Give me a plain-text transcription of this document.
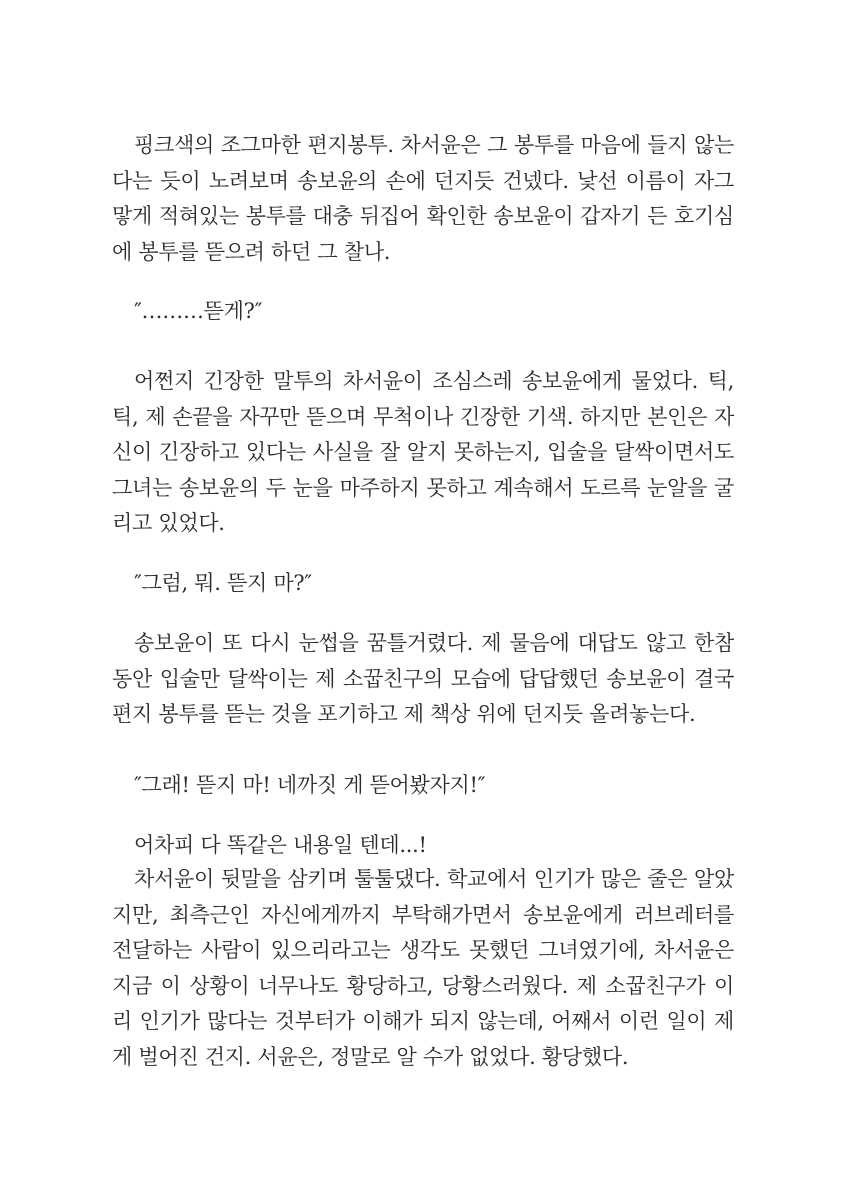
핑크색의 조그마한 편지봉투. 차서윤은 그 봉투를 마음에 들지 않는다는 듯이 노려보며 송보윤의 손에 던지듯 건넸다. 낯선 이름이 자그맣게 적혀있는 봉투를 대충 뒤집어 확인한 송보윤이 갑자기 든 호기심에 봉투를 뜯으려 하던 그 찰나.

″………뜯게?″

어쩐지 긴장한 말투의 차서윤이 조심스레 송보윤에게 물었다. 틱, 틱, 제 손끝을 자꾸만 뜯으며 무척이나 긴장한 기색. 하지만 본인은 자신이 긴장하고 있다는 사실을 잘 알지 못하는지, 입술을 달싹이면서도 그녀는 송보윤의 두 눈을 마주하지 못하고 계속해서 도르륵 눈알을 굴리고 있었다.

″그럼, 뭐. 뜯지 마?″

송보윤이 또 다시 눈썹을 꿈틀거렸다. 제 물음에 대답도 않고 한참 동안 입술만 달싹이는 제 소꿉친구의 모습에 답답했던 송보윤이 결국 편지 봉투를 뜯는 것을 포기하고 제 책상 위에 던지듯 올려놓는다.

″그래! 뜯지 마! 네까짓 게 뜯어봤자지!″

어차피 다 똑같은 내용일 텐데...!

차서윤이 뒷말을 삼키며 툴툴댔다. 학교에서 인기가 많은 줄은 알았지만, 최측근인 자신에게까지 부탁해가면서 송보윤에게 러브레터를 전달하는 사람이 있으리라고는 생각도 못했던 그녀였기에, 차서윤은 지금 이 상황이 너무나도 황당하고, 당황스러웠다. 제 소꿉친구가 이리 인기가 많다는 것부터가 이해가 되지 않는데, 어째서 이런 일이 제게 벌어진 건지. 서윤은, 정말로 알 수가 없었다. 황당했다.
